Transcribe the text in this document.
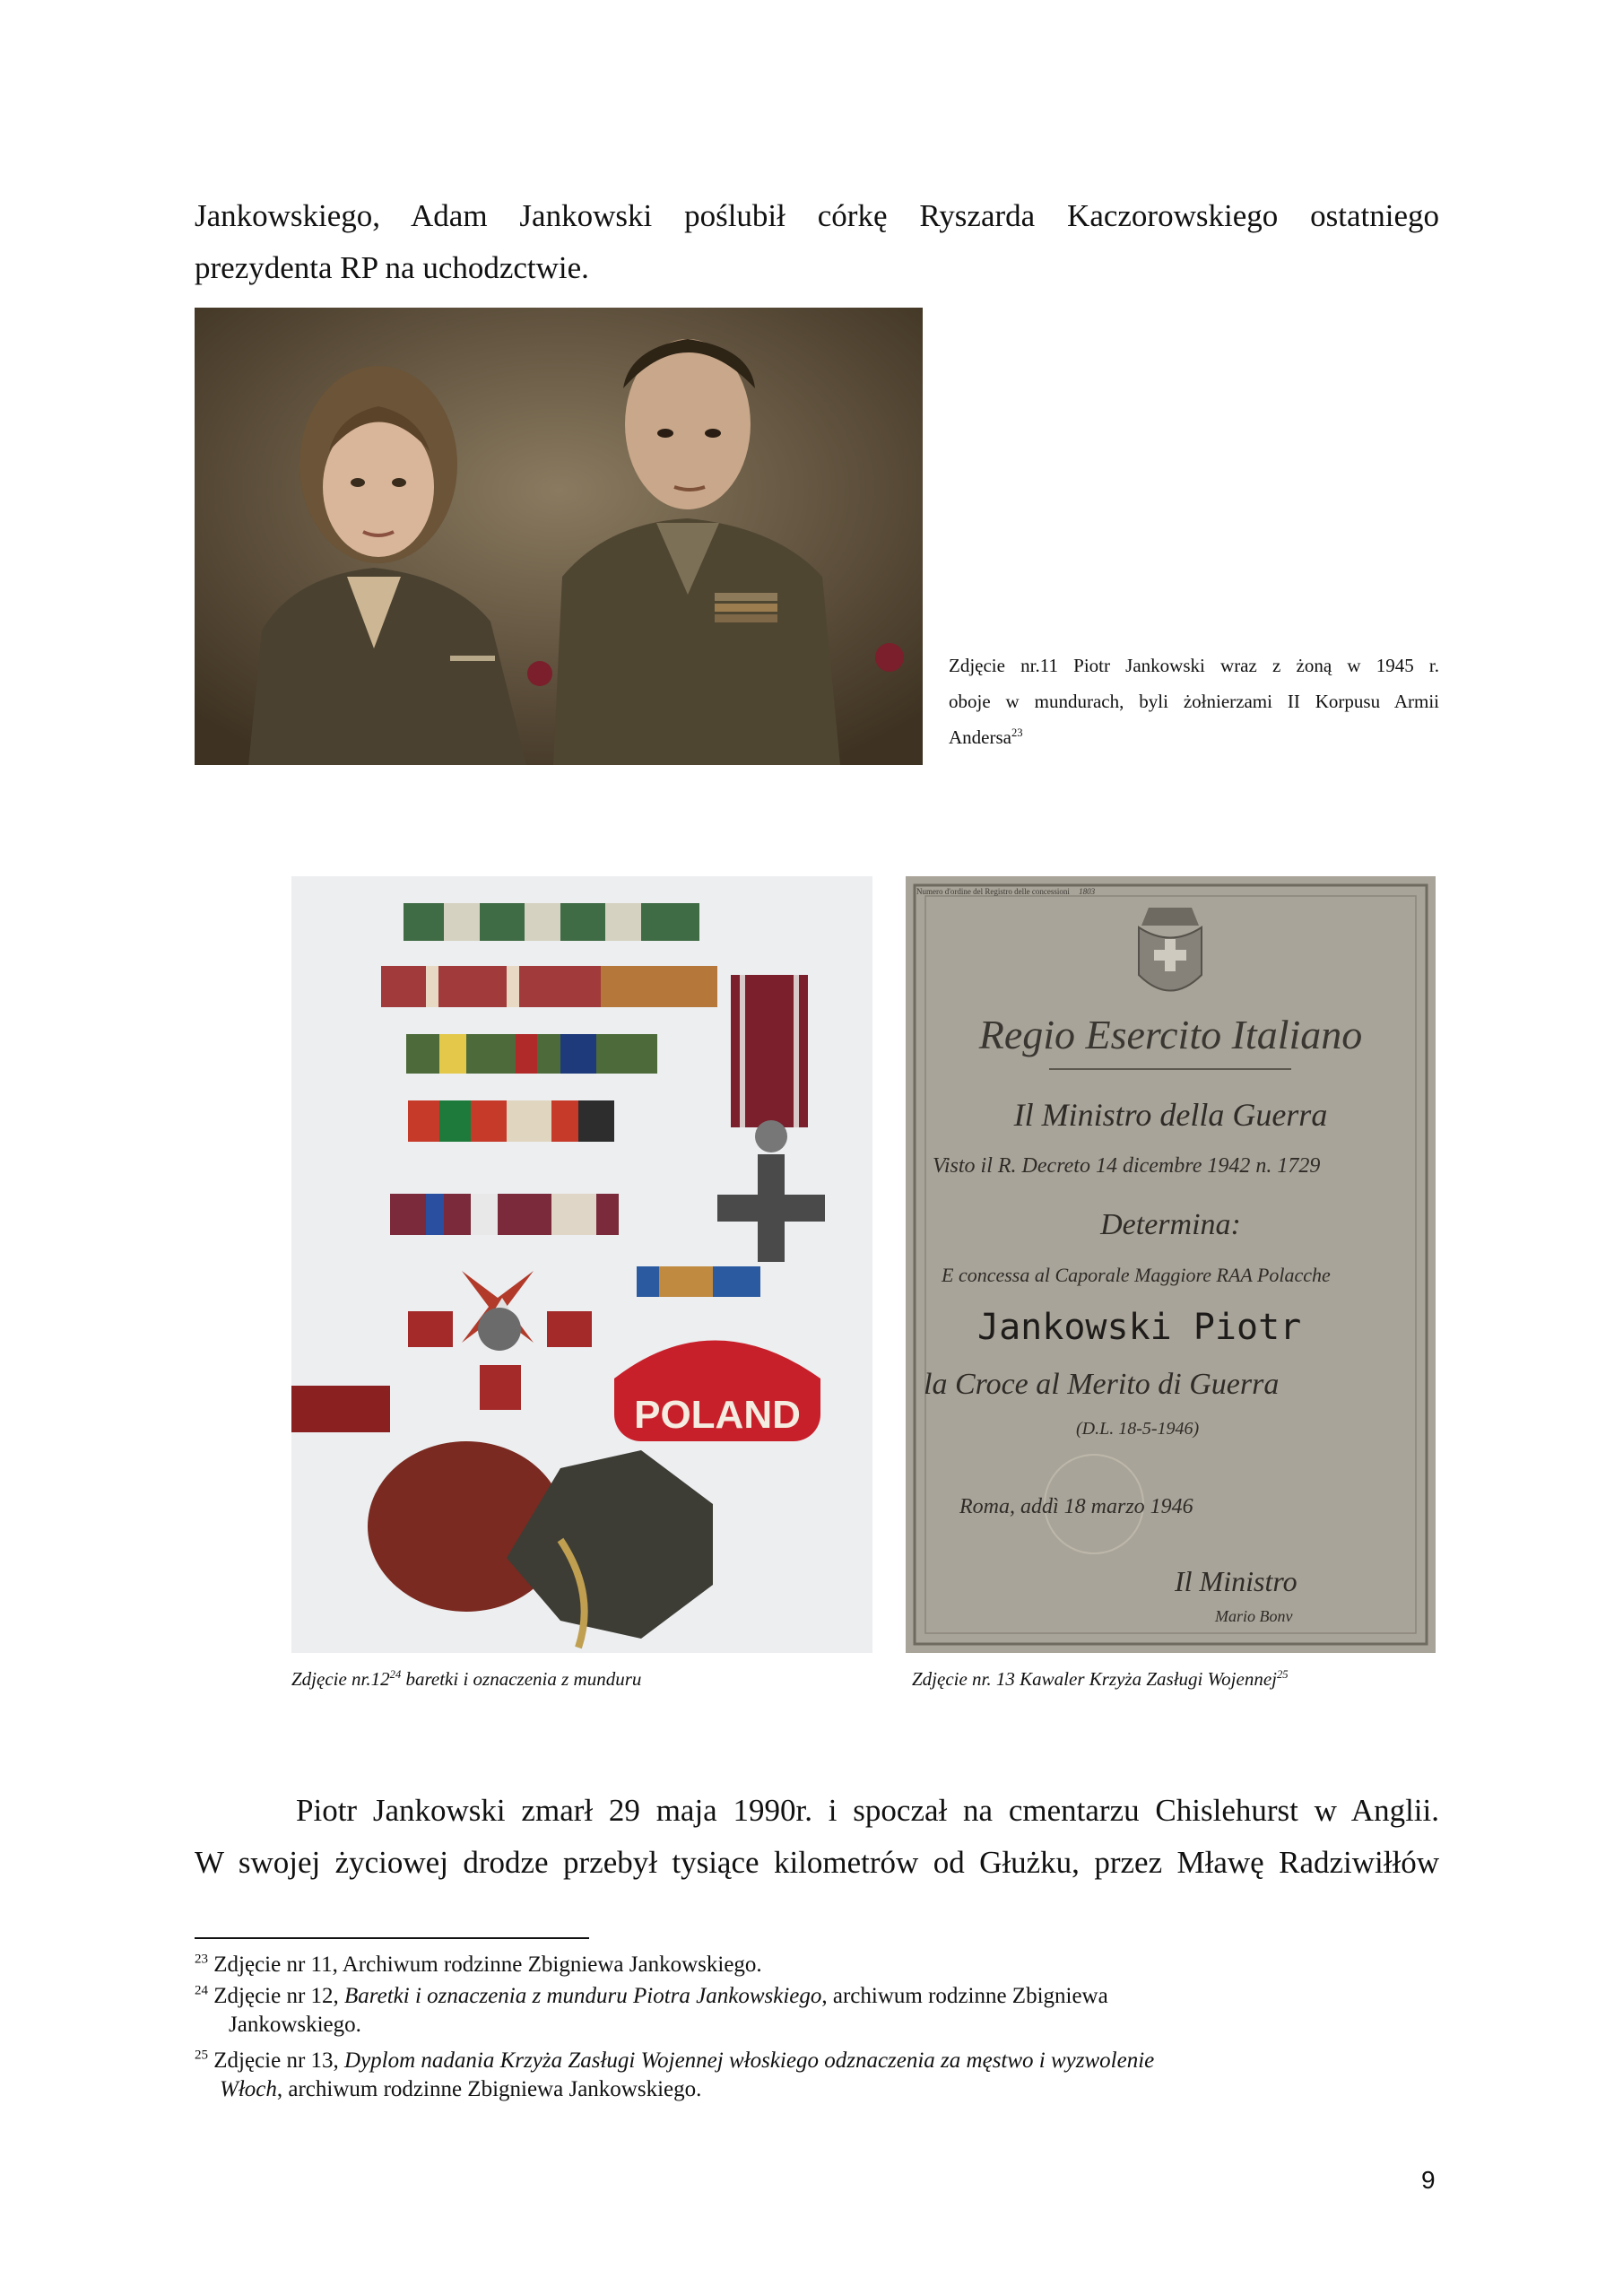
Jankowskiego, Adam Jankowski poślubił córkę Ryszarda Kaczorowskiego ostatniego
prezydenta RP na uchodzctwie.
Zdjęcie nr.11 Piotr Jankowski wraz z żoną w 1945 r.
oboje w mundurach, byli żołnierzami II Korpusu Armii
Andersa$^{23}$
POLAND
Numero d'ordine del Registro delle concessioni 1803
Regio Esercito Italiano
Il Ministro della Guerra
Visto il R. Decreto 14 dicembre 1942 n. 1729
Determina:
E concessa al Caporale Maggiore RAA Polacche
Jankowski Piotr
la Croce al Merito di Guerra
(D.L. 18-5-1946)
Roma, addì 18 marzo 1946
Il Ministro
Mario Bonv
Zdjęcie $nr.12^{24}$ baretki i oznaczenia z munduru	Zdjęcie nr. 13 Kawaler Krzyża Zasługi Wojennej$^{25}$
Piotr Jankowski zmarł 29 maja 1990r. i spoczał na cmentarzu Chislehurst w Anglii.
W swojej życiowej drodze przebył tysiące kilometrów od Głużku, przez Mławę Radziwiłłów
$^{23}$ Zdjęcie nr 11, Archiwum rodzinne Zbigniewa Jankowskiego.
$^{24}$ Zdjęcie nr 12, Baretki i oznaczenia z munduru Piotra Jankowskiego, archiwum rodzinne Zbigniewa
Jankowskiego.
$^{25}$ Zdjęcie nr 13, Dyplom nadania Krzyża Zasługi Wojennej włoskiego odznaczenia za męstwo i wyzwolenie
Włoch, archiwum rodzinne Zbigniewa Jankowskiego.
9
